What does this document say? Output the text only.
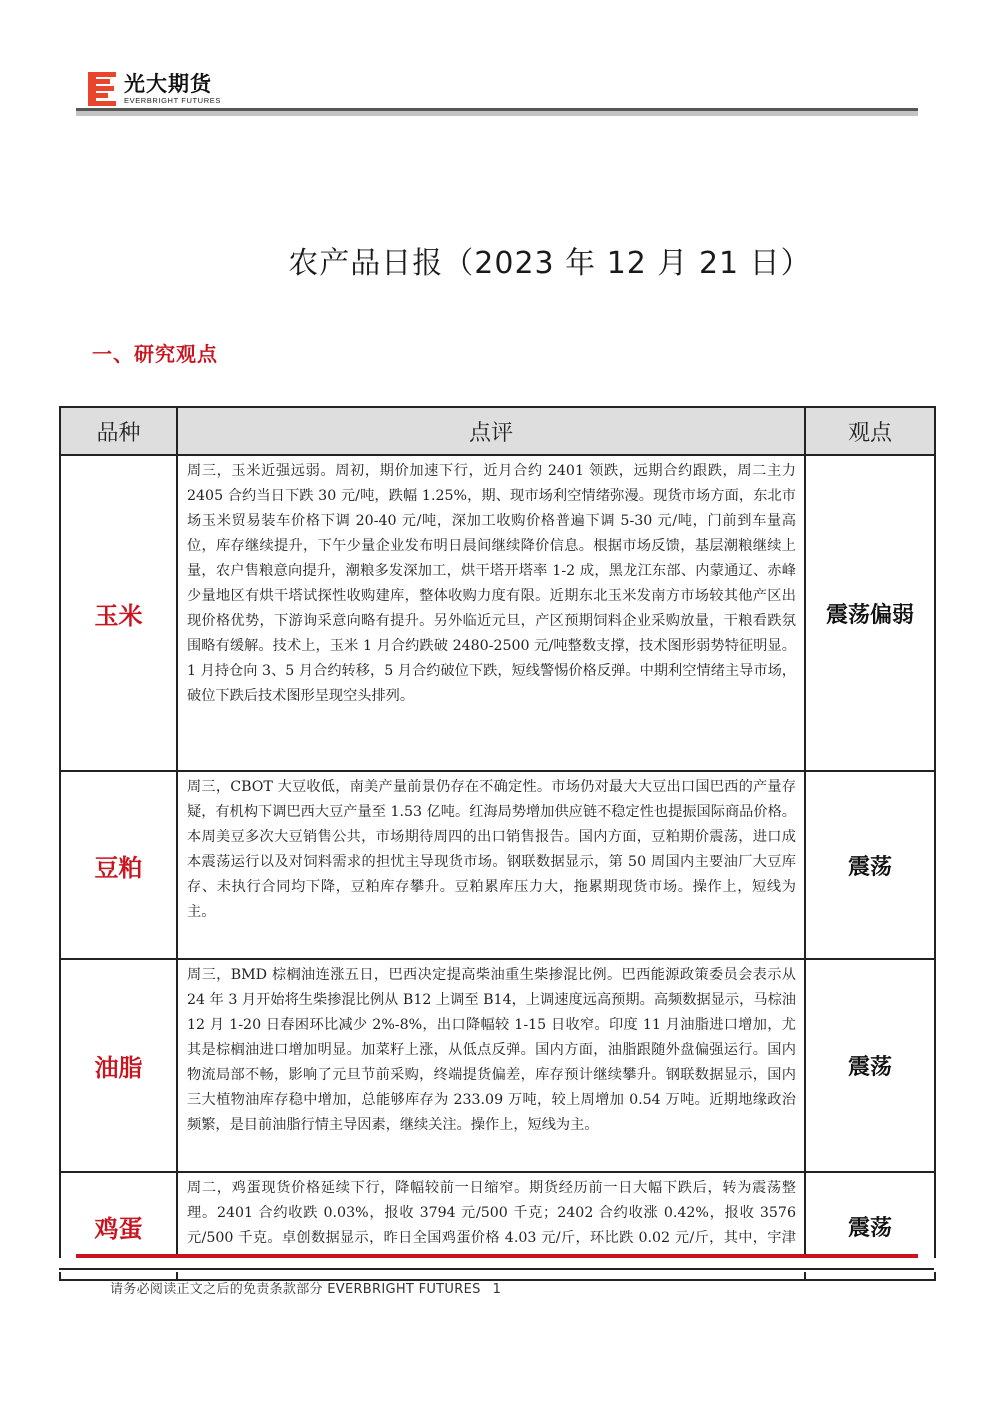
光大期货
EVERBRIGHT FUTURES
农产品日报（2023 年 12 月 21 日）
一、研究观点
品种	点评	观点
玉米	周三，玉米近强远弱。周初，期价加速下行，近月合约 2401 领跌，远期合约跟跌，周二主力 2405 合约当日下跌 30 元/吨，跌幅 1.25%，期、现市场利空情绪弥漫。现货市场方面，东北市场玉米贸易装车价格下调 20-40 元/吨，深加工收购价格普遍下调 5-30 元/吨，门前到车量高位，库存继续提升，下午少量企业发布明日晨间继续降价信息。根据市场反馈，基层潮粮继续上量，农户售粮意向提升，潮粮多发深加工，烘干塔开塔率 1-2 成，黑龙江东部、内蒙通辽、赤峰少量地区有烘干塔试探性收购建库，整体收购力度有限。近期东北玉米发南方市场较其他产区出现价格优势，下游询采意向略有提升。另外临近元旦，产区预期饲料企业采购放量，干粮看跌氛围略有缓解。技术上，玉米 1 月合约跌破 2480-2500 元/吨整数支撑，技术图形弱势特征明显。1 月持仓向 3、5 月合约转移，5 月合约破位下跌，短线警惕价格反弹。中期利空情绪主导市场，破位下跌后技术图形呈现空头排列。	震荡偏弱
豆粕	周三，CBOT 大豆收低，南美产量前景仍存在不确定性。市场仍对最大大豆出口国巴西的产量存疑，有机构下调巴西大豆产量至 1.53 亿吨。红海局势增加供应链不稳定性也提振国际商品价格。本周美豆多次大豆销售公共，市场期待周四的出口销售报告。国内方面，豆粕期价震荡，进口成本震荡运行以及对饲料需求的担忧主导现货市场。钢联数据显示，第 50 周国内主要油厂大豆库存、未执行合同均下降，豆粕库存攀升。豆粕累库压力大，拖累期现货市场。操作上，短线为主。	震荡
油脂	周三，BMD 棕榈油连涨五日，巴西决定提高柴油重生柴掺混比例。巴西能源政策委员会表示从 24 年 3 月开始将生柴掺混比例从 B12 上调至 B14，上调速度远高预期。高频数据显示，马棕油 12 月 1-20 日春困环比减少 2%-8%，出口降幅较 1-15 日收窄。印度 11 月油脂进口增加，尤其是棕榈油进口增加明显。加菜籽上涨，从低点反弹。国内方面，油脂跟随外盘偏强运行。国内物流局部不畅，影响了元旦节前采购，终端提货偏差，库存预计继续攀升。钢联数据显示，国内三大植物油库存稳中增加，总能够库存为 233.09 万吨，较上周增加 0.54 万吨。近期地缘政治频繁，是目前油脂行情主导因素，继续关注。操作上，短线为主。	震荡
鸡蛋	周二，鸡蛋现货价格延续下行，降幅较前一日缩窄。期货经历前一日大幅下跌后，转为震荡整理。2401 合约收跌 0.03%，报收 3794 元/500 千克；2402 合约收涨 0.42%，报收 3576 元/500 千克。卓创数据显示，昨日全国鸡蛋价格 4.03 元/斤，环比跌 0.02 元/斤，其中，宇津	震荡
请务必阅读正文之后的免责条款部分 EVERBRIGHT FUTURES 1
